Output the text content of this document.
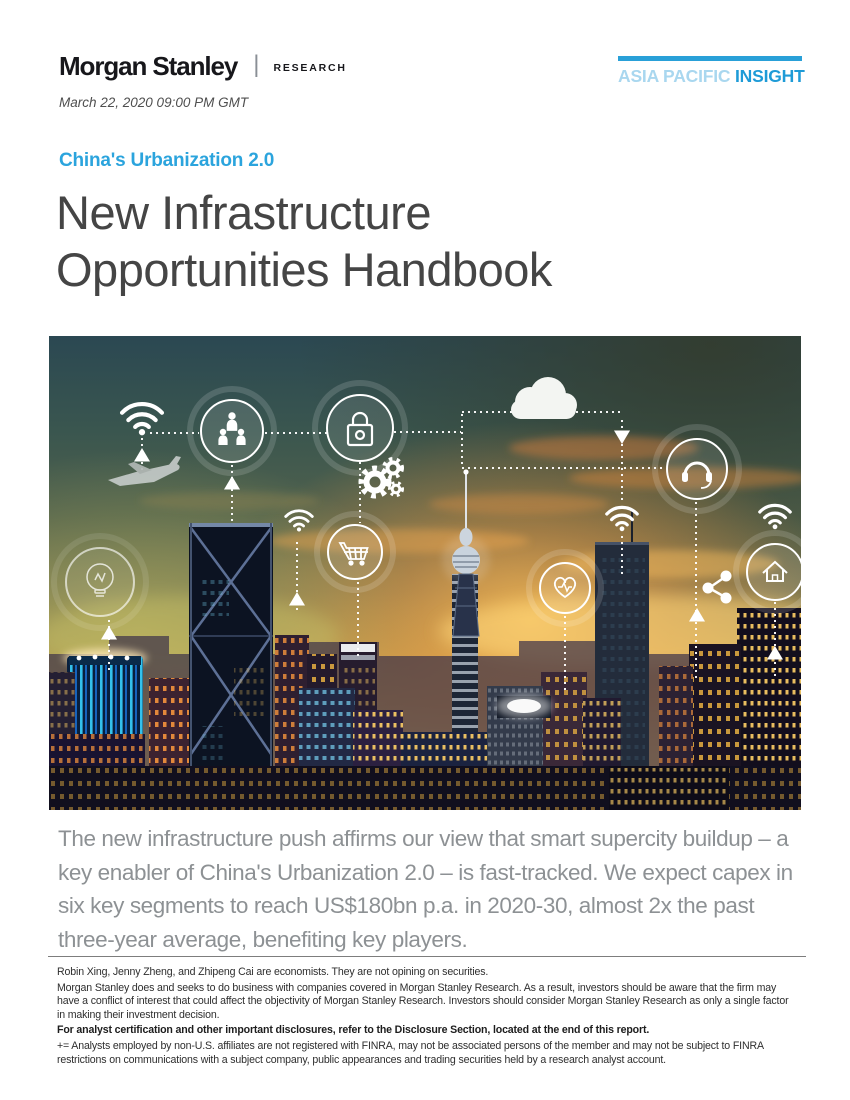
Morgan Stanley | RESEARCH	ASIA PACIFIC INSIGHT
March 22, 2020 09:00 PM GMT
China's Urbanization 2.0
New Infrastructure
Opportunities Handbook
The new infrastructure push affirms our view that smart supercity buildup – a key enabler of China's Urbanization 2.0 – is fast-tracked. We expect capex in six key segments to reach US$180bn p.a. in 2020-30, almost 2x the past three-year average, benefiting key players.

Robin Xing, Jenny Zheng, and Zhipeng Cai are economists. They are not opining on securities.

Morgan Stanley does and seeks to do business with companies covered in Morgan Stanley Research. As a result, investors should be aware that the firm may have a conflict of interest that could affect the objectivity of Morgan Stanley Research. Investors should consider Morgan Stanley Research as only a single factor in making their investment decision.

For analyst certification and other important disclosures, refer to the Disclosure Section, located at the end of this report.

+= Analysts employed by non-U.S. affiliates are not registered with FINRA, may not be associated persons of the member and may not be subject to FINRA restrictions on communications with a subject company, public appearances and trading securities held by a research analyst account.
